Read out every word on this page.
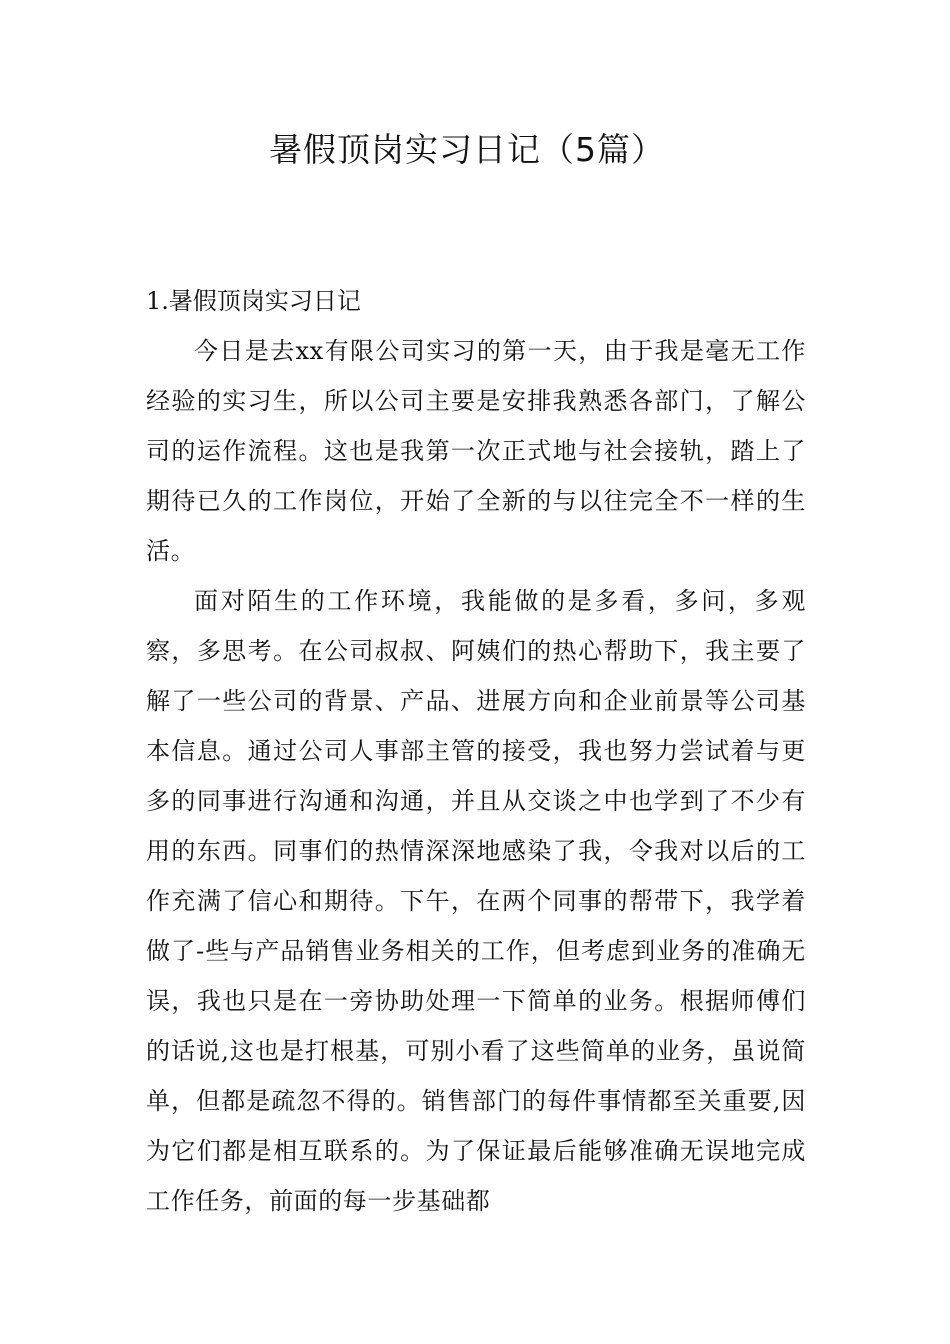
暑假顶岗实习日记（5篇）

1.暑假顶岗实习日记

今日是去xx有限公司实习的第一天，由于我是毫无工作经验的实习生，所以公司主要是安排我熟悉各部门，了解公司的运作流程。这也是我第一次正式地与社会接轨，踏上了期待已久的工作岗位，开始了全新的与以往完全不一样的生活。

面对陌生的工作环境，我能做的是多看，多问，多观察，多思考。在公司叔叔、阿姨们的热心帮助下，我主要了解了一些公司的背景、产品、进展方向和企业前景等公司基本信息。通过公司人事部主管的接受，我也努力尝试着与更多的同事进行沟通和沟通，并且从交谈之中也学到了不少有用的东西。同事们的热情深深地感染了我，令我对以后的工作充满了信心和期待。下午，在两个同事的帮带下，我学着做了-些与产品销售业务相关的工作，但考虑到业务的准确无误，我也只是在一旁协助处理一下简单的业务。根据师傅们的话说,这也是打根基，可别小看了这些简单的业务，虽说简单，但都是疏忽不得的。销售部门的每件事情都至关重要,因为它们都是相互联系的。为了保证最后能够准确无误地完成工作任务，前面的每一步基础都
